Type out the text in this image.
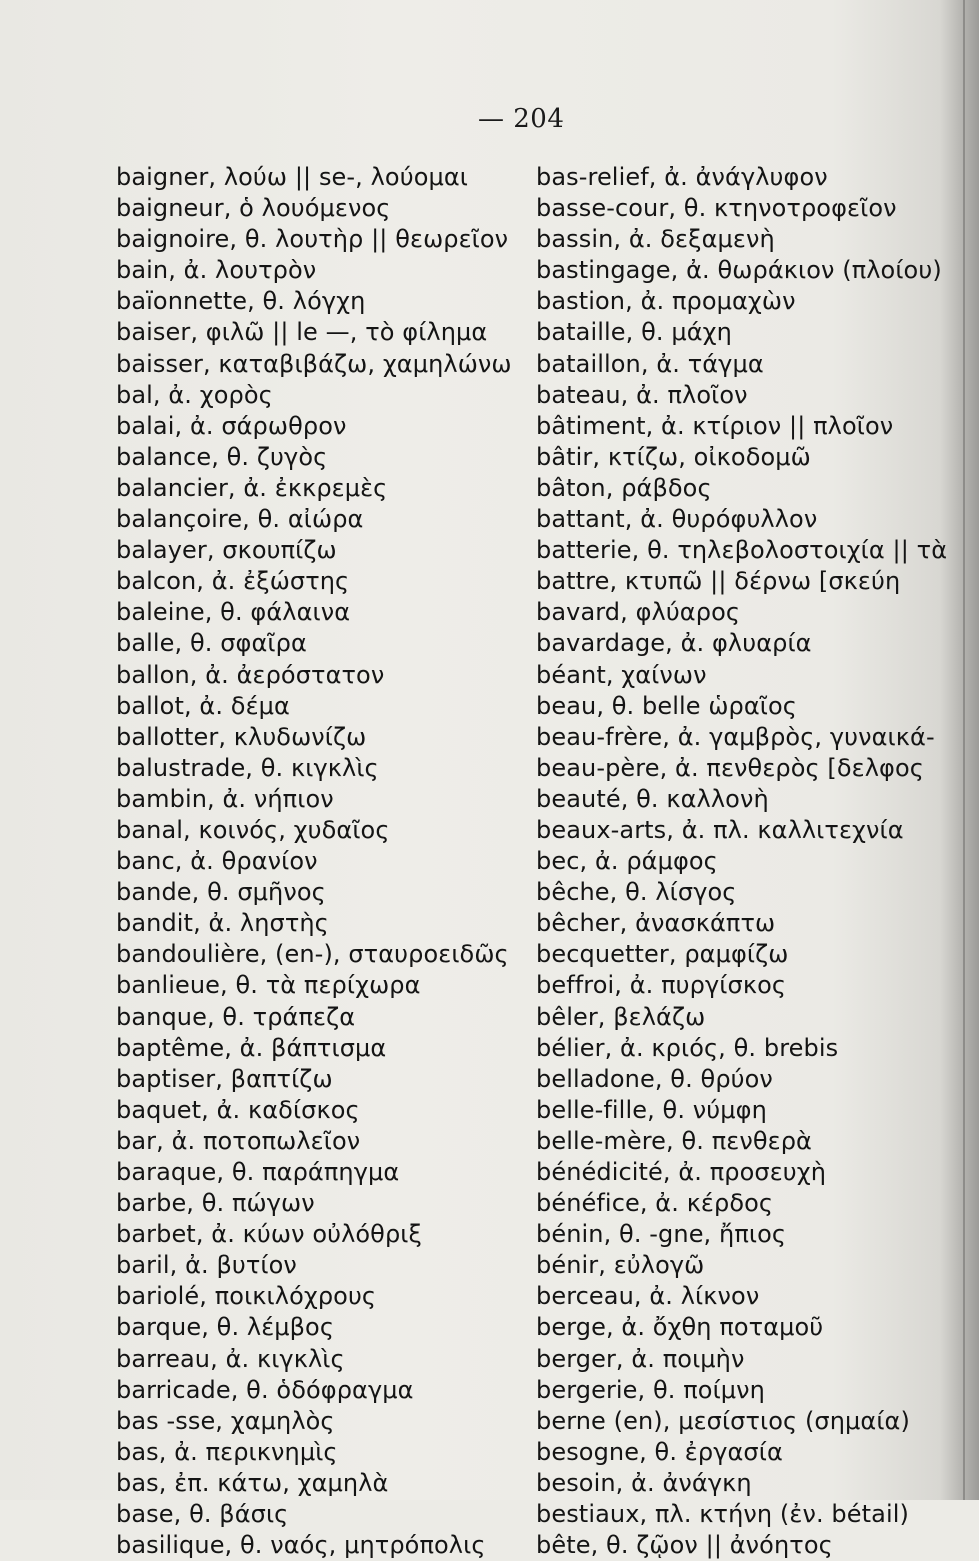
— 204
baigner, λούω || se-, λούομαι
baigneur, ὁ λουόμενος
baignoire, θ. λουτὴρ || θεωρεῖον
bain, ἀ. λουτρὸν
baïonnette, θ. λόγχη
baiser, φιλῶ || le —, τὸ φίλημα
baisser, καταβιβάζω, χαμηλώνω
bal, ἀ. χορὸς
balai, ἀ. σάρωθρον
balance, θ. ζυγὸς
balancier, ἀ. ἐκκρεμὲς
balançoire, θ. αἰώρα
balayer, σκουπίζω
balcon, ἀ. ἐξώστης
baleine, θ. φάλαινα
balle, θ. σφαῖρα
ballon, ἀ. ἀερόστατον
ballot, ἀ. δέμα
ballotter, κλυδωνίζω
balustrade, θ. κιγκλὶς
bambin, ἀ. νήπιον
banal, κοινός, χυδαῖος
banc, ἀ. θρανίον
bande, θ. σμῆνος
bandit, ἀ. ληστὴς
bandoulière, (en-), σταυροειδῶς
banlieue, θ. τὰ περίχωρα
banque, θ. τράπεζα
baptême, ἀ. βάπτισμα
baptiser, βαπτίζω
baquet, ἀ. καδίσκος
bar, ἀ. ποτοπωλεῖον
baraque, θ. παράπηγμα
barbe, θ. πώγων
barbet, ἀ. κύων οὐλόθριξ
baril, ἀ. βυτίον
bariolé, ποικιλόχρους
barque, θ. λέμβος
barreau, ἀ. κιγκλὶς
barricade, θ. ὁδόφραγμα
bas -sse, χαμηλὸς
bas, ἀ. περικνημὶς
bas, ἐπ. κάτω, χαμηλὰ
base, θ. βάσις
basilique, θ. ναός, μητρόπολις
bas-relief, ἀ. ἀνάγλυφον
basse-cour, θ. κτηνοτροφεῖον
bassin, ἀ. δεξαμενὴ
bastingage, ἀ. θωράκιον (πλοίου)
bastion, ἀ. προμαχὼν
bataille, θ. μάχη
bataillon, ἀ. τάγμα
bateau, ἀ. πλοῖον
bâtiment, ἀ. κτίριον || πλοῖον
bâtir, κτίζω, οἰκοδομῶ
bâton, ράβδος
battant, ἀ. θυρόφυλλον
batterie, θ. τηλεβολοστοιχία || τὰ
battre, κτυπῶ || δέρνω [σκεύη
bavard, φλύαρος
bavardage, ἀ. φλυαρία
béant, χαίνων
beau, θ. belle ὡραῖος
beau-frère, ἀ. γαμβρὸς, γυναικά-
beau-père, ἀ. πενθερὸς [δελφος
beauté, θ. καλλονὴ
beaux-arts, ἀ. πλ. καλλιτεχνία
bec, ἀ. ράμφος
bêche, θ. λίσγος
bêcher, ἀνασκάπτω
becquetter, ραμφίζω
beffroi, ἀ. πυργίσκος
bêler, βελάζω
bélier, ἀ. κριός, θ. brebis
belladone, θ. θρύον
belle-fille, θ. νύμφη
belle-mère, θ. πενθερὰ
bénédicité, ἀ. προσευχὴ
bénéfice, ἀ. κέρδος
bénin, θ. -gne, ἤπιος
bénir, εὐλογῶ
berceau, ἀ. λίκνον
berge, ἀ. ὄχθη ποταμοῦ
berger, ἀ. ποιμὴν
bergerie, θ. ποίμνη
berne (en), μεσίστιος (σημαία)
besogne, θ. ἐργασία
besoin, ἀ. ἀνάγκη
bestiaux, πλ. κτήνη (ἐν. bétail)
bête, θ. ζῷον || ἀνόητος
